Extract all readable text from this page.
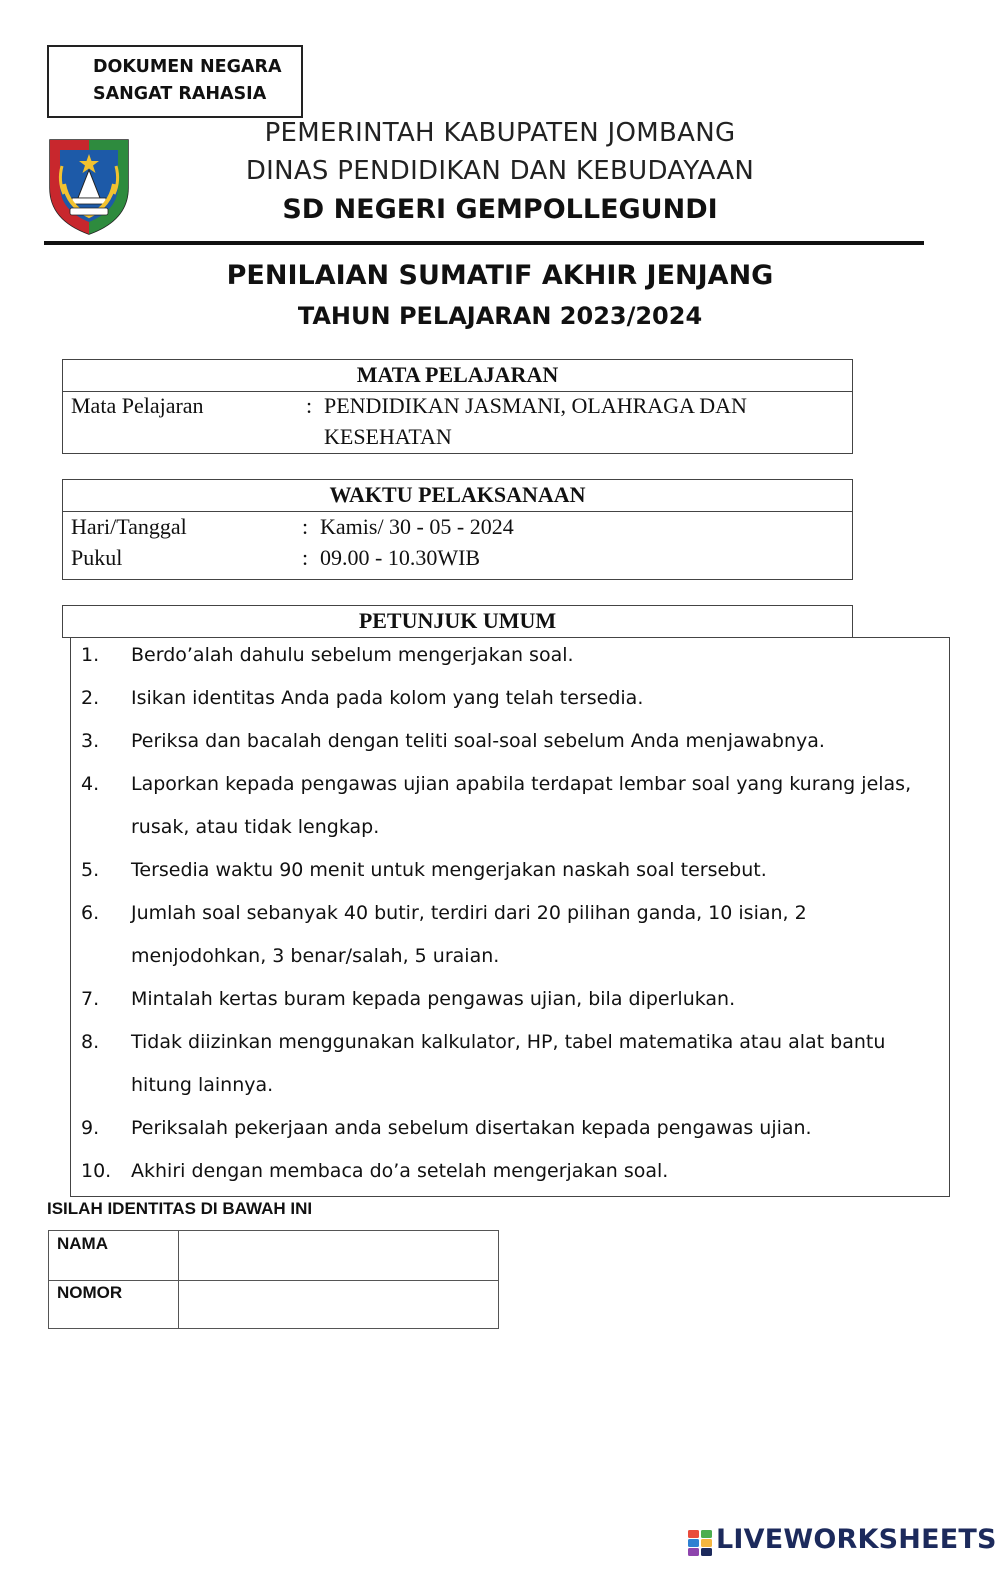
DOKUMEN NEGARA
SANGAT RAHASIA
PEMERINTAH KABUPATEN JOMBANG
DINAS PENDIDIKAN DAN KEBUDAYAAN
SD NEGERI GEMPOLLEGUNDI
PENILAIAN SUMATIF AKHIR JENJANG
TAHUN PELAJARAN 2023/2024
MATA PELAJARAN
Mata Pelajaran	: PENDIDIKAN JASMANI, OLAHRAGA DAN
KESEHATAN
WAKTU PELAKSANAAN
Hari/Tanggal	: Kamis/ 30 - 05 - 2024
Pukul	: 09.00 - 10.30WIB
PETUNJUK UMUM
1. Berdo’alah dahulu sebelum mengerjakan soal.
2. Isikan identitas Anda pada kolom yang telah tersedia.
3. Periksa dan bacalah dengan teliti soal-soal sebelum Anda menjawabnya.
4. Laporkan kepada pengawas ujian apabila terdapat lembar soal yang kurang jelas,
rusak, atau tidak lengkap.
5. Tersedia waktu 90 menit untuk mengerjakan naskah soal tersebut.
6. Jumlah soal sebanyak 40 butir, terdiri dari 20 pilihan ganda, 10 isian, 2
menjodohkan, 3 benar/salah, 5 uraian.
7. Mintalah kertas buram kepada pengawas ujian, bila diperlukan.
8. Tidak diizinkan menggunakan kalkulator, HP, tabel matematika atau alat bantu
hitung lainnya.
9. Periksalah pekerjaan anda sebelum disertakan kepada pengawas ujian.
10. Akhiri dengan membaca do’a setelah mengerjakan soal.
ISILAH IDENTITAS DI BAWAH INI
NAMA
NOMOR
LIVEWORKSHEETS
